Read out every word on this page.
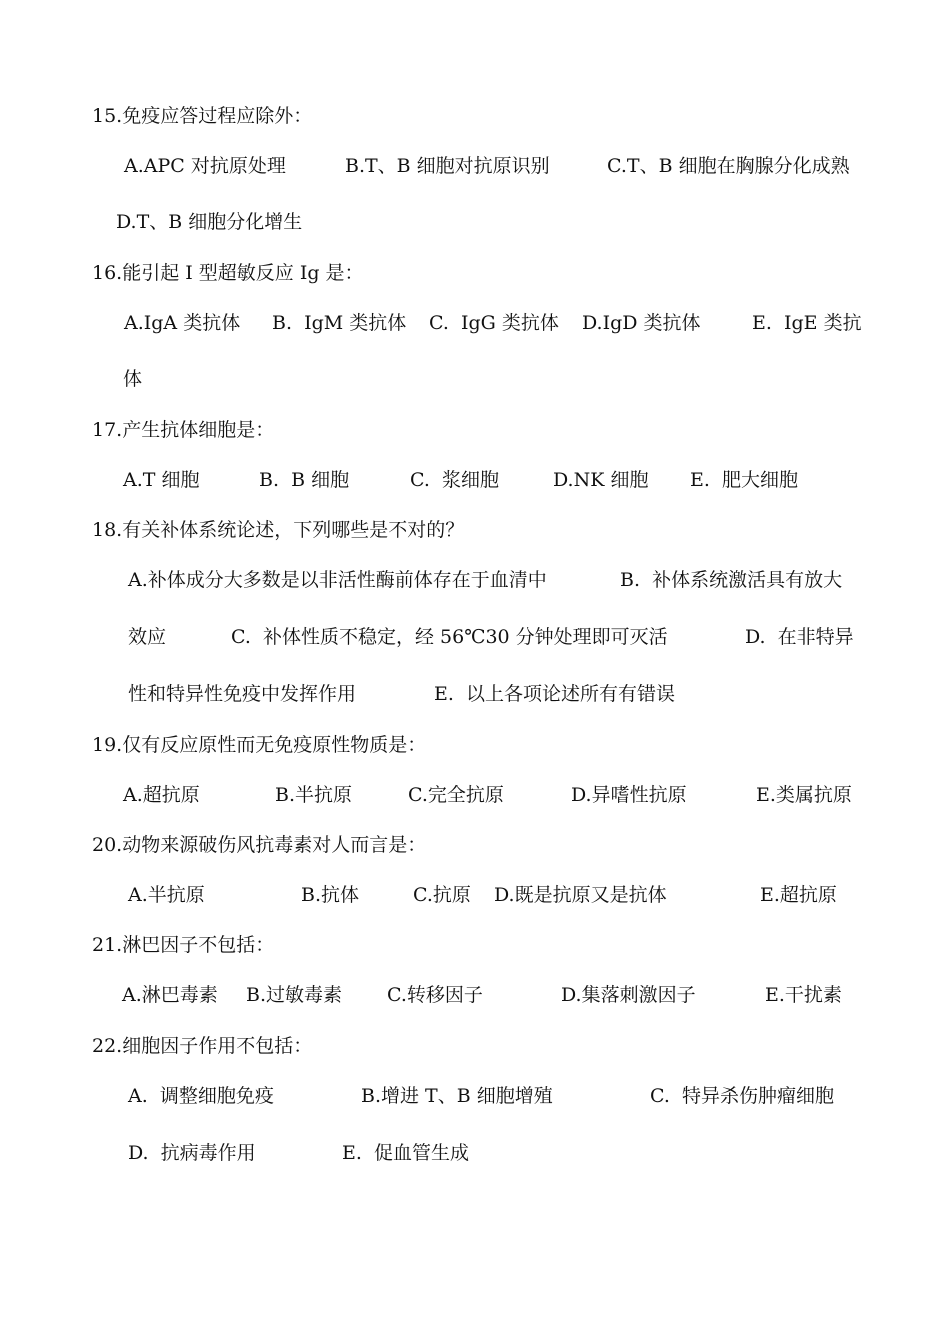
15.免疫应答过程应除外：
A.APC 对抗原处理	B.T、B 细胞对抗原识别	C.T、B 细胞在胸腺分化成熟
D.T、B 细胞分化增生
16.能引起 I 型超敏反应 Ig 是：
A.IgA 类抗体 B.  IgM 类抗体 C.  IgG 类抗体 D.IgD 类抗体	E.  IgE 类抗
体
17.产生抗体细胞是：
A.T 细胞	B.  B 细胞	C.  浆细胞	D.NK 细胞 E.  肥大细胞
18.有关补体系统论述，下列哪些是不对的？
A.补体成分大多数是以非活性酶前体存在于血清中	B.  补体系统激活具有放大
效应	C.  补体性质不稳定，经 56℃30 分钟处理即可灭活	D.  在非特异
性和特异性免疫中发挥作用	E.  以上各项论述所有有错误
19.仅有反应原性而无免疫原性物质是：
A.超抗原	B.半抗原	C.完全抗原	D.异嗜性抗原	E.类属抗原
20.动物来源破伤风抗毒素对人而言是：
A.半抗原	B.抗体	C.抗原 D.既是抗原又是抗体	E.超抗原
21.淋巴因子不包括：
A.淋巴毒素 B.过敏毒素 C.转移因子	D.集落刺激因子	E.干扰素
22.细胞因子作用不包括：
A.  调整细胞免疫	B.增进 T、B 细胞增殖	C.  特异杀伤肿瘤细胞
D.  抗病毒作用	E.  促血管生成
